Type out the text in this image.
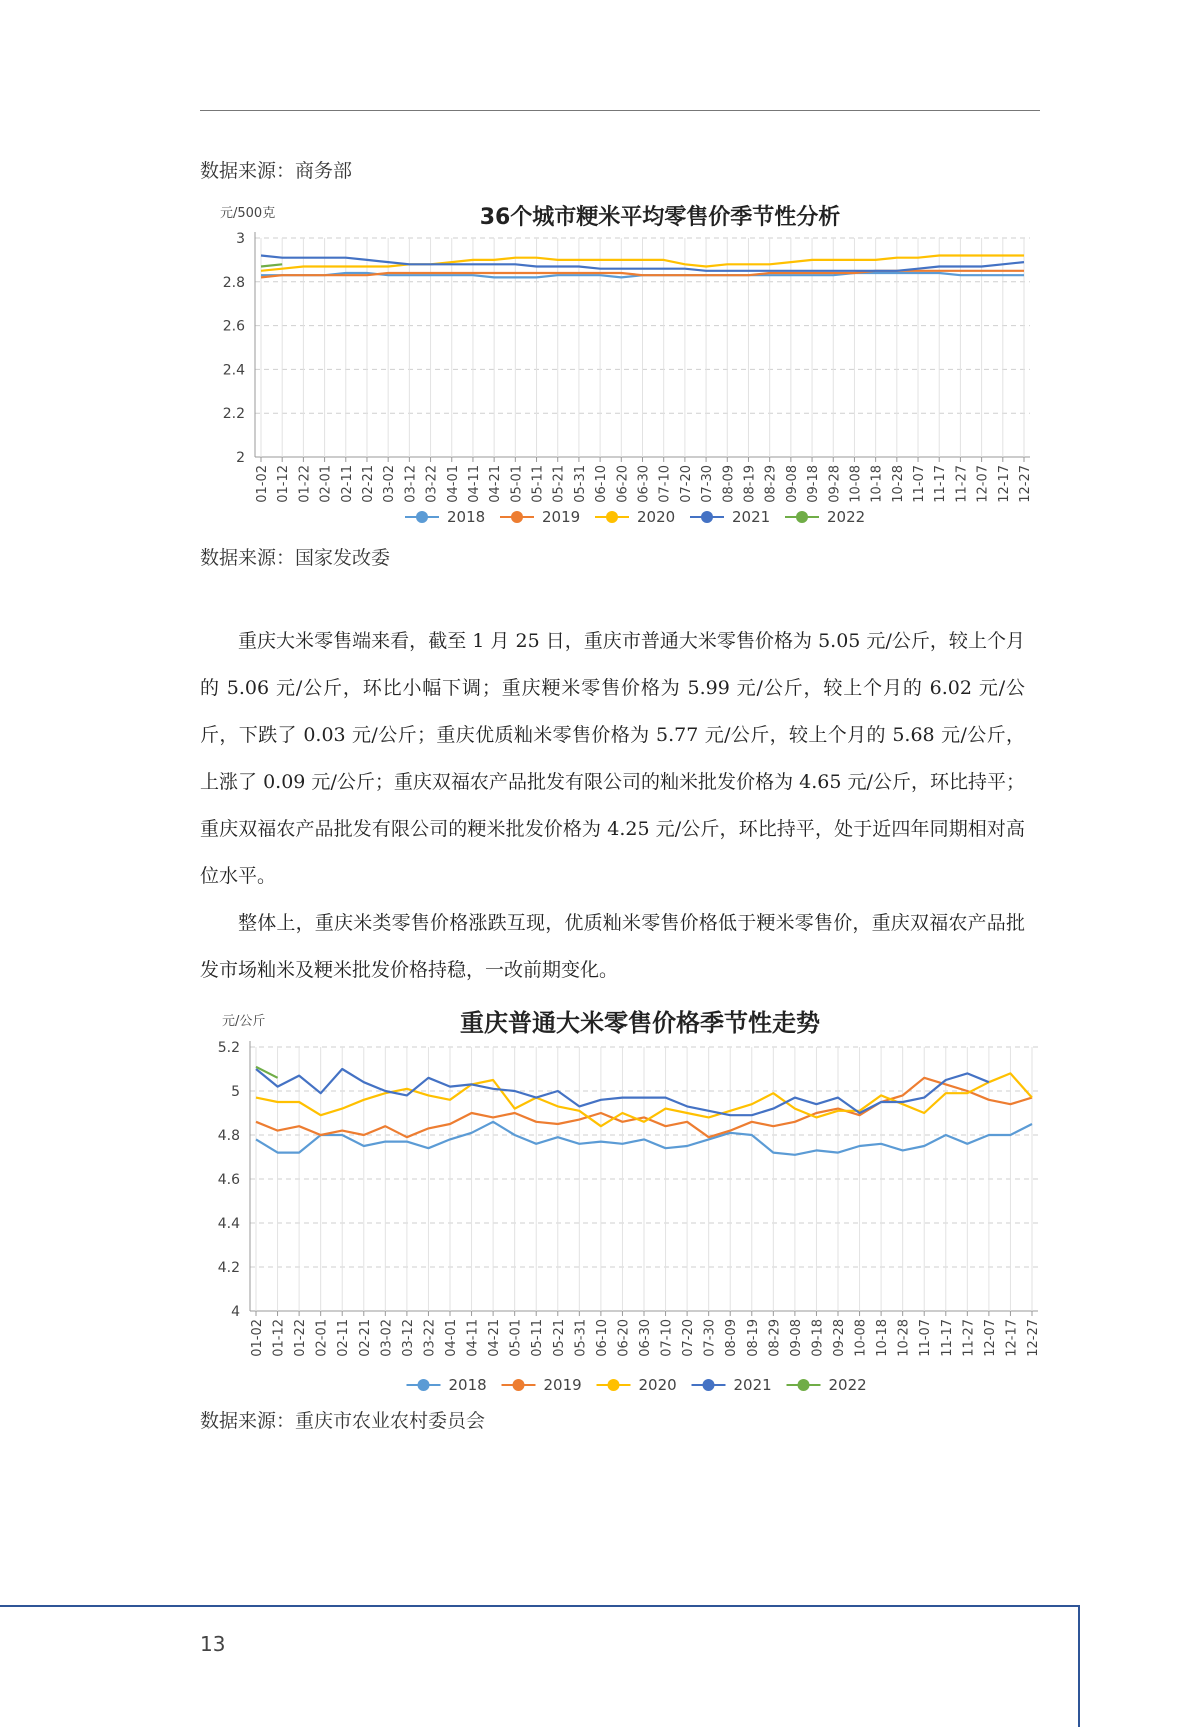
数据来源：商务部
36个城市粳米平均零售价季节性分析
元/500克
2
2.2
2.4
2.6
2.8
3
01-02 01-12 01-22 02-01 02-11 02-21 03-02 03-12 03-22 04-01 04-11 04-21 05-01 05-11 05-21 05-31 06-10 06-20 06-30 07-10 07-20 07-30 08-09 08-19 08-29 09-08 09-18 09-28 10-08 10-18 10-28 11-07 11-17 11-27 12-07 12-17 12-27
2018	2019	2020	2021	2022
数据来源：国家发改委

重庆大米零售端来看，截至 1 月 25 日，重庆市普通大米零售价格为 5.05 元/公斤，较上个月的 5.06 元/公斤，环比小幅下调；重庆粳米零售价格为 5.99 元/公斤，较上个月的 6.02 元/公斤，下跌了 0.03 元/公斤；重庆优质籼米零售价格为 5.77 元/公斤，较上个月的 5.68 元/公斤，上涨了 0.09 元/公斤；重庆双福农产品批发有限公司的籼米批发价格为 4.65 元/公斤，环比持平；重庆双福农产品批发有限公司的粳米批发价格为 4.25 元/公斤，环比持平，处于近四年同期相对高位水平。

整体上，重庆米类零售价格涨跌互现，优质籼米零售价格低于粳米零售价，重庆双福农产品批发市场籼米及粳米批发价格持稳，一改前期变化。

重庆普通大米零售价格季节性走势
元/公斤
4
4.2
4.4
4.6
4.8
5
5.2
01-02 01-12 01-22 02-01 02-11 02-21 03-02 03-12 03-22 04-01 04-11 04-21 05-01 05-11 05-21 05-31 06-10 06-20 06-30 07-10 07-20 07-30 08-09 08-19 08-29 09-08 09-18 09-28 10-08 10-18 10-28 11-07 11-17 11-27 12-07 12-17 12-27
2018	2019	2020	2021	2022
数据来源：重庆市农业农村委员会
13
